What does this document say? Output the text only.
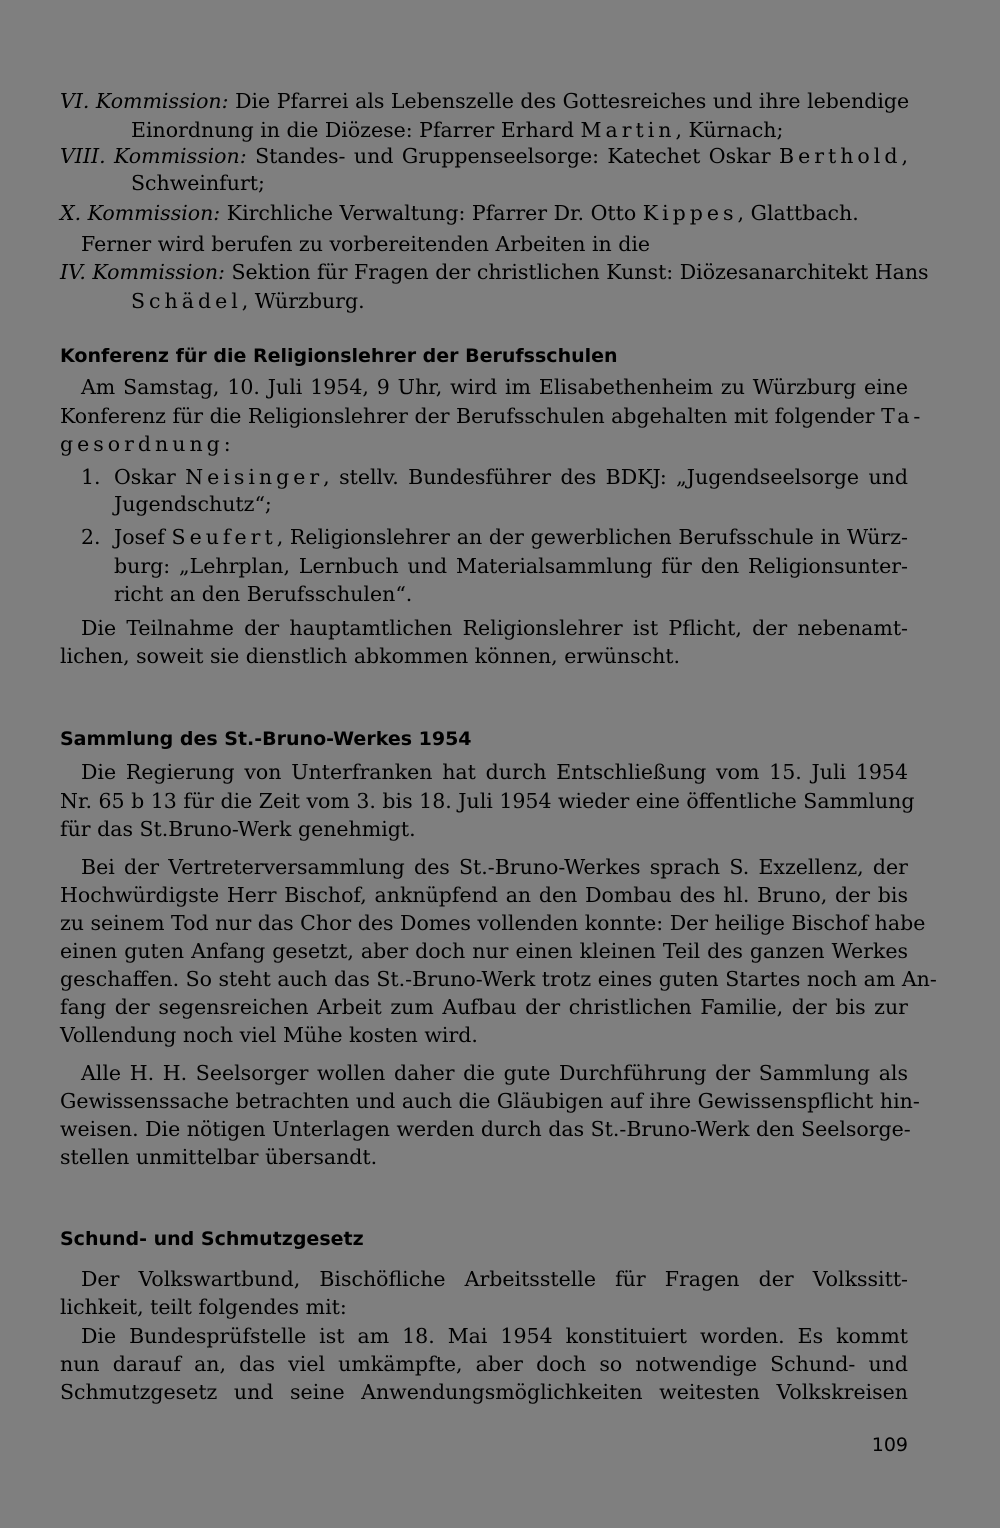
VI. Kommission: Die Pfarrei als Lebenszelle des Gottesreiches und ihre lebendige
Einordnung in die Diözese: Pfarrer Erhard Martin, Kürnach;
VIII. Kommission: Standes- und Gruppenseelsorge: Katechet Oskar Berthold,
Schweinfurt;
X. Kommission: Kirchliche Verwaltung: Pfarrer Dr. Otto Kippes, Glattbach.
Ferner wird berufen zu vorbereitenden Arbeiten in die
IV. Kommission: Sektion für Fragen der christlichen Kunst: Diözesanarchitekt Hans
Schädel, Würzburg.
Konferenz für die Religionslehrer der Berufsschulen
Am Samstag, 10. Juli 1954, 9 Uhr, wird im Elisabethenheim zu Würzburg eine
Konferenz für die Religionslehrer der Berufsschulen abgehalten mit folgender Ta-
gesordnung:
1. Oskar Neisinger, stellv. Bundesführer des BDKJ: „Jugendseelsorge und
Jugendschutz“;
2. Josef Seufert, Religionslehrer an der gewerblichen Berufsschule in Würz-
burg: „Lehrplan, Lernbuch und Materialsammlung für den Religionsunter-
richt an den Berufsschulen“.
Die Teilnahme der hauptamtlichen Religionslehrer ist Pflicht, der nebenamt-
lichen, soweit sie dienstlich abkommen können, erwünscht.
Sammlung des St.-Bruno-Werkes 1954
Die Regierung von Unterfranken hat durch Entschließung vom 15. Juli 1954
Nr. 65 b 13 für die Zeit vom 3. bis 18. Juli 1954 wieder eine öffentliche Sammlung
für das St.Bruno-Werk genehmigt.
Bei der Vertreterversammlung des St.-Bruno-Werkes sprach S. Exzellenz, der
Hochwürdigste Herr Bischof, anknüpfend an den Dombau des hl. Bruno, der bis
zu seinem Tod nur das Chor des Domes vollenden konnte: Der heilige Bischof habe
einen guten Anfang gesetzt, aber doch nur einen kleinen Teil des ganzen Werkes
geschaffen. So steht auch das St.-Bruno-Werk trotz eines guten Startes noch am An-
fang der segensreichen Arbeit zum Aufbau der christlichen Familie, der bis zur
Vollendung noch viel Mühe kosten wird.
Alle H. H. Seelsorger wollen daher die gute Durchführung der Sammlung als
Gewissenssache betrachten und auch die Gläubigen auf ihre Gewissenspflicht hin-
weisen. Die nötigen Unterlagen werden durch das St.-Bruno-Werk den Seelsorge-
stellen unmittelbar übersandt.
Schund- und Schmutzgesetz
Der Volkswartbund, Bischöfliche Arbeitsstelle für Fragen der Volkssitt-
lichkeit, teilt folgendes mit:
Die Bundesprüfstelle ist am 18. Mai 1954 konstituiert worden. Es kommt
nun darauf an, das viel umkämpfte, aber doch so notwendige Schund- und
Schmutzgesetz und seine Anwendungsmöglichkeiten weitesten Volkskreisen
109
